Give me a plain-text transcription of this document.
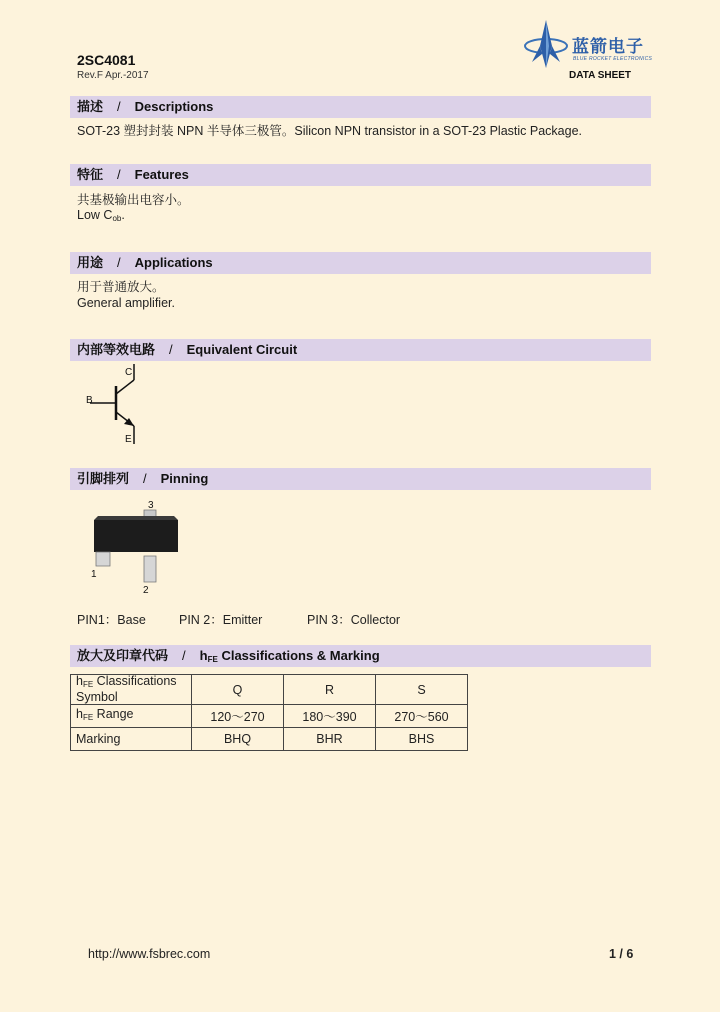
2SC4081
Rev.F Apr.-2017
蓝箭电子
BLUE ROCKET ELECTRONICS
DATA SHEET
描述 / Descriptions
SOT-23 塑封封装 NPN 半导体三极管。Silicon NPN transistor in a SOT-23 Plastic Package.
特征 / Features
共基极输出电容小。
Low $C_{ob}$.
用途 / Applications
用于普通放大。
General amplifier.
内部等效电路 / Equivalent Circuit
C
B
E
引脚排列 / Pinning
3
1
2
PIN1：Base	PIN 2：Emitter	PIN 3：Collector
放大及印章代码 / $h_{FE}$ Classifications & Marking
$h_{FE}$ Classifications
Symbol	Q	R	S
$h_{FE}$ Range	120～270	180～390	270～560
Marking	BHQ	BHR	BHS
http://www.fsbrec.com	1 / 6
